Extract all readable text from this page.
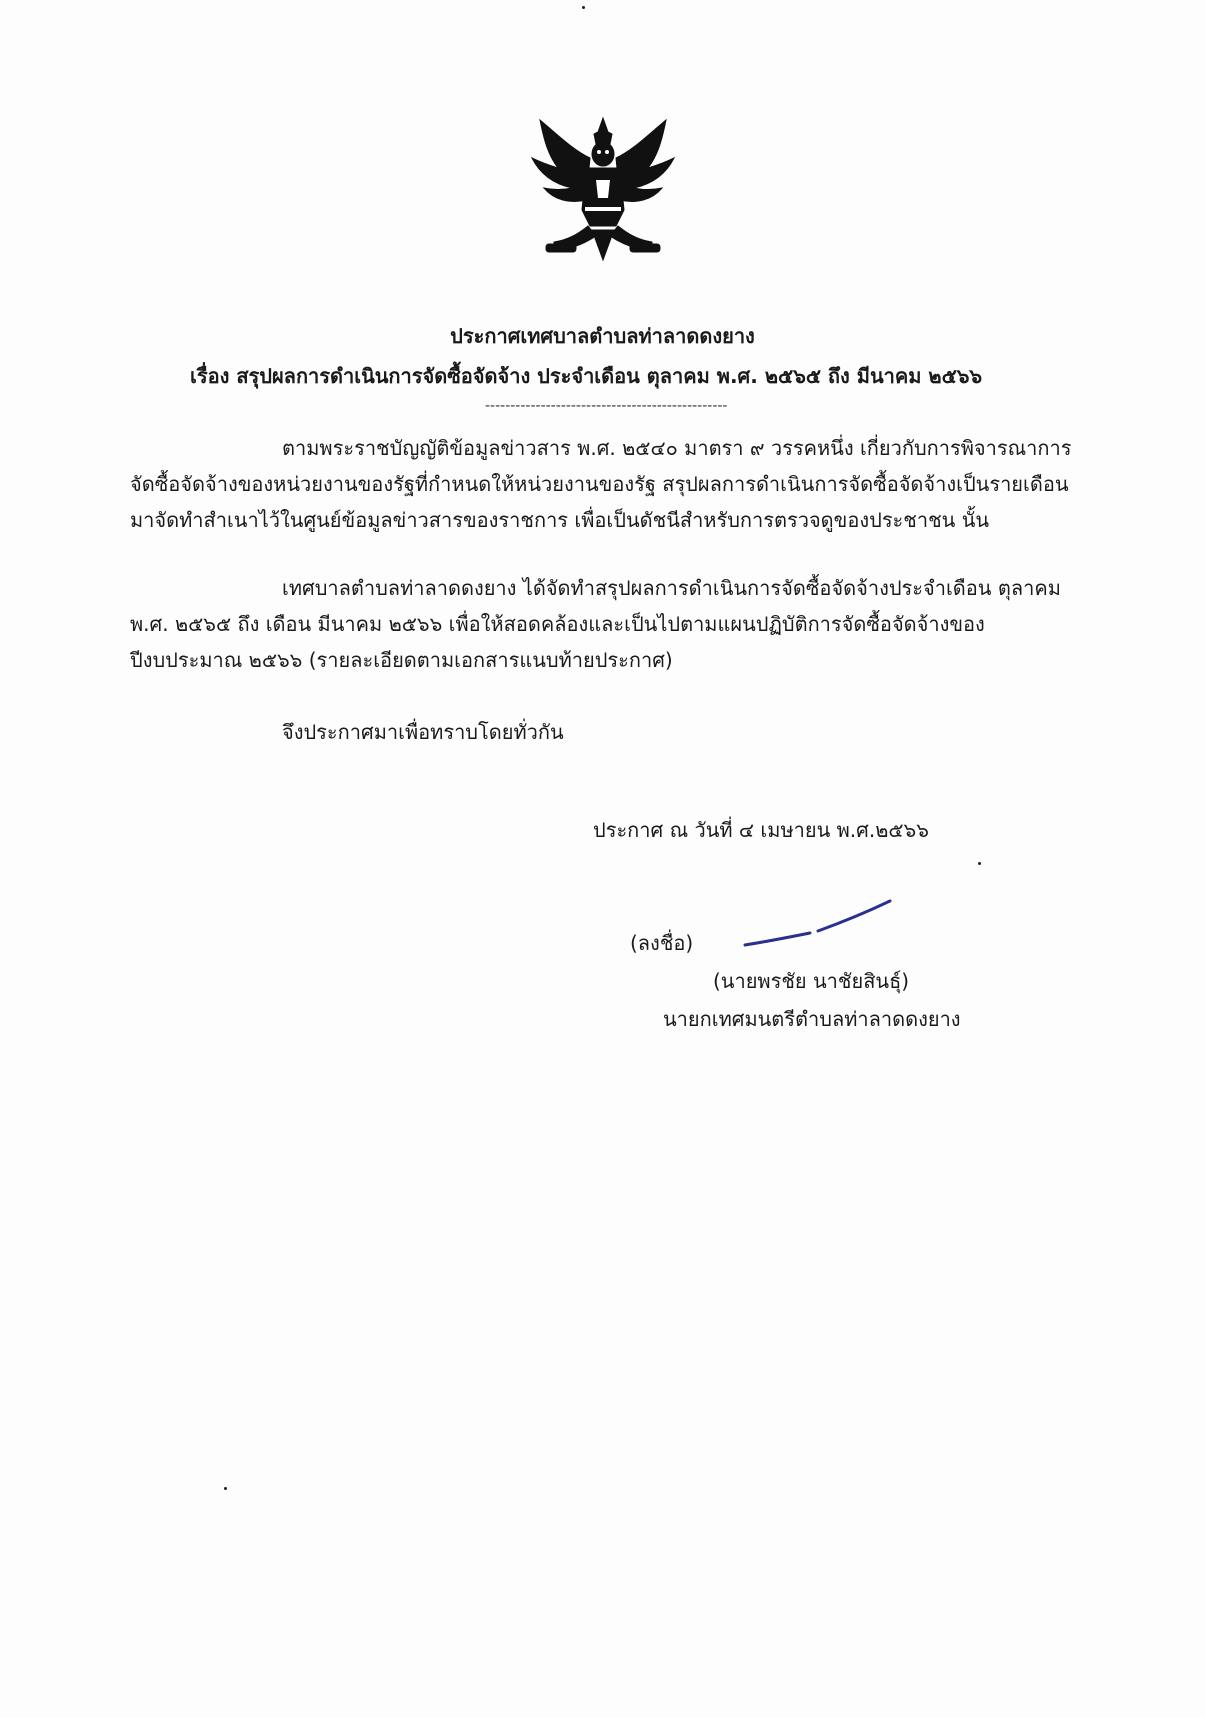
ประกาศเทศบาลตำบลท่าลาดดงยาง
เรื่อง สรุปผลการดำเนินการจัดซื้อจัดจ้าง ประจำเดือน ตุลาคม พ.ศ. ๒๕๖๕ ถึง มีนาคม ๒๕๖๖
------------------------------------------------
ตามพระราชบัญญัติข้อมูลข่าวสาร พ.ศ. ๒๕๔๐ มาตรา ๙ วรรคหนึ่ง เกี่ยวกับการพิจารณาการ
จัดซื้อจัดจ้างของหน่วยงานของรัฐที่กำหนดให้หน่วยงานของรัฐ สรุปผลการดำเนินการจัดซื้อจัดจ้างเป็นรายเดือน
มาจัดทำสำเนาไว้ในศูนย์ข้อมูลข่าวสารของราชการ เพื่อเป็นดัชนีสำหรับการตรวจดูของประชาชน นั้น
เทศบาลตำบลท่าลาดดงยาง ได้จัดทำสรุปผลการดำเนินการจัดซื้อจัดจ้างประจำเดือน ตุลาคม
พ.ศ. ๒๕๖๕ ถึง เดือน มีนาคม ๒๕๖๖ เพื่อให้สอดคล้องและเป็นไปตามแผนปฏิบัติการจัดซื้อจัดจ้างของ
ปีงบประมาณ ๒๕๖๖ (รายละเอียดตามเอกสารแนบท้ายประกาศ)
จึงประกาศมาเพื่อทราบโดยทั่วกัน
ประกาศ ณ วันที่ ๔ เมษายน พ.ศ.๒๕๖๖
(ลงชื่อ)
(นายพรชัย นาชัยสินธุ์)
นายกเทศมนตรีตำบลท่าลาดดงยาง
